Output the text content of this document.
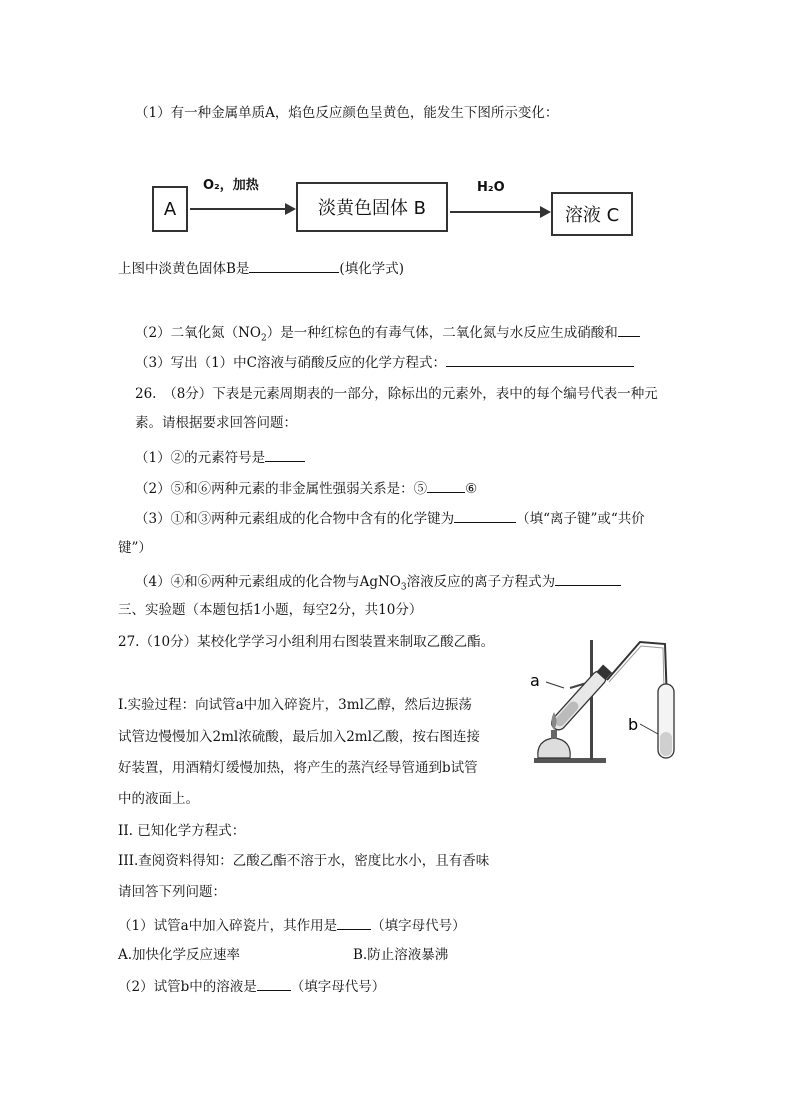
（1）有一种金属单质A，焰色反应颜色呈黄色，能发生下图所示变化：
A
O₂，加热
淡黄色固体 B
H₂O
溶液 C
上图中淡黄色固体B是	(填化学式)
（2）二氧化氮$(NO_2)$是一种红棕色的有毒气体，二氧化氮与水反应生成硝酸和
（3）写出（1）中C溶液与硝酸反应的化学方程式：
26.　（8分）下表是元素周期表的一部分，除标出的元素外，表中的每个编号代表一种元
素。请根据要求回答问题：
（1）②的元素符号是
（2）⑤和⑥两种元素的非金属性强弱关系是：⑤	⑥
（3）①和③两种元素组成的化合物中含有的化学键为	（填“离子键”或“共价
键”）
（4）④和⑥两种元素组成的化合物与AgNO$_3$溶液反应的离子方程式为
三、实验题（本题包括1小题，每空2分，共10分）
27.（10分）某校化学学习小组利用右图装置来制取乙酸乙酯。
I.实验过程：向试管a中加入碎瓷片，3ml乙醇，然后边振荡
试管边慢慢加入2ml浓硫酸，最后加入2ml乙酸，按右图连接
好装置，用酒精灯缓慢加热，将产生的蒸汽经导管通到b试管
中的液面上。
II. 已知化学方程式：
III.查阅资料得知：乙酸乙酯不溶于水，密度比水小，且有香味
请回答下列问题：
（1）试管a中加入碎瓷片，其作用是	（填字母代号）
A.加快化学反应速率	B.防止溶液暴沸
（2）试管b中的溶液是	（填字母代号）
a
b
